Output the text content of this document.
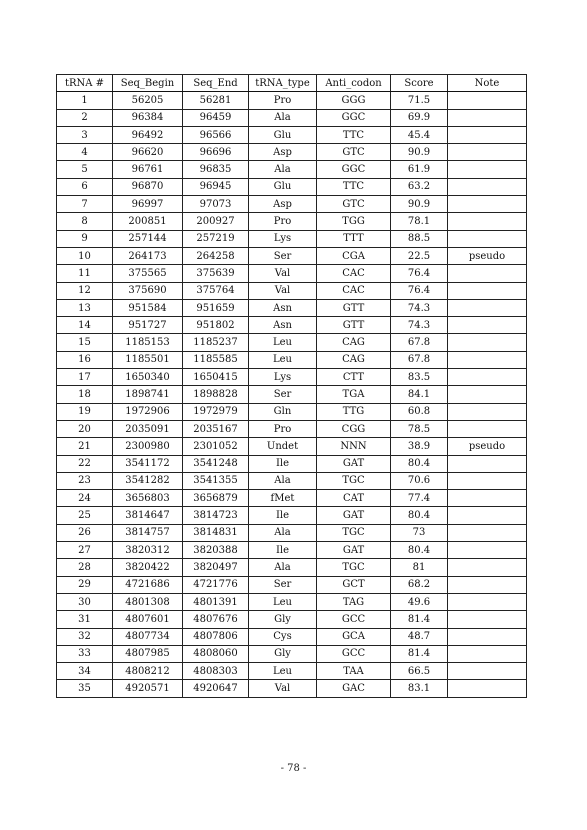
tRNA #	Seq_Begin	Seq_End	tRNA_type	Anti_codon	Score	Note
1	56205	56281	Pro	GGG	71.5	
2	96384	96459	Ala	GGC	69.9	
3	96492	96566	Glu	TTC	45.4	
4	96620	96696	Asp	GTC	90.9	
5	96761	96835	Ala	GGC	61.9	
6	96870	96945	Glu	TTC	63.2	
7	96997	97073	Asp	GTC	90.9	
8	200851	200927	Pro	TGG	78.1	
9	257144	257219	Lys	TTT	88.5	
10	264173	264258	Ser	CGA	22.5	pseudo
11	375565	375639	Val	CAC	76.4	
12	375690	375764	Val	CAC	76.4	
13	951584	951659	Asn	GTT	74.3	
14	951727	951802	Asn	GTT	74.3	
15	1185153	1185237	Leu	CAG	67.8	
16	1185501	1185585	Leu	CAG	67.8	
17	1650340	1650415	Lys	CTT	83.5	
18	1898741	1898828	Ser	TGA	84.1	
19	1972906	1972979	Gln	TTG	60.8	
20	2035091	2035167	Pro	CGG	78.5	
21	2300980	2301052	Undet	NNN	38.9	pseudo
22	3541172	3541248	Ile	GAT	80.4	
23	3541282	3541355	Ala	TGC	70.6	
24	3656803	3656879	fMet	CAT	77.4	
25	3814647	3814723	Ile	GAT	80.4	
26	3814757	3814831	Ala	TGC	73	
27	3820312	3820388	Ile	GAT	80.4	
28	3820422	3820497	Ala	TGC	81	
29	4721686	4721776	Ser	GCT	68.2	
30	4801308	4801391	Leu	TAG	49.6	
31	4807601	4807676	Gly	GCC	81.4	
32	4807734	4807806	Cys	GCA	48.7	
33	4807985	4808060	Gly	GCC	81.4	
34	4808212	4808303	Leu	TAA	66.5	
35	4920571	4920647	Val	GAC	83.1	
- 78 -
